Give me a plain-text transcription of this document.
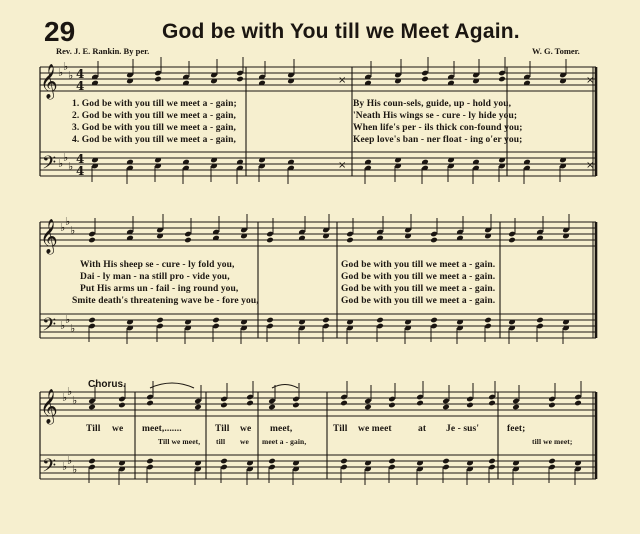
29	God be with You till we Meet Again.
Rev. J. E. Rankin. By per.	W. G. Tomer.
𝄞
𝄢
♭ ♭
♭
♭ ♭
♭
4
4
4
4
×
×
×
×
𝄞
𝄢
♭ ♭
♭
♭ ♭
♭
𝄞
𝄢
♭ ♭
♭
♭ ♭
♭
1. God be with you till we meet a - gain;
2. God be with you till we meet a - gain,
3. God be with you till we meet a - gain,
4. God be with you till we meet a - gain,
By His coun-sels, guide, up - hold you,
'Neath His wings se - cure - ly hide you;
When life's per - ils thick con-found you;
Keep love's ban - ner float - ing o'er you;
With His sheep se - cure - ly fold you,
Dai - ly man - na still pro - vide you,
Put His arms un - fail - ing round you,
Smite death's threatening wave be - fore you,
God be with you till we meet a - gain.
God be with you till we meet a - gain.
God be with you till we meet a - gain.
God be with you till we meet a - gain.
Chorus.
Till we meet,.......	Till we meet,	Till we meet	at Je - sus'	feet;
Till we meet, till we meet a - gain,	till we meet;
